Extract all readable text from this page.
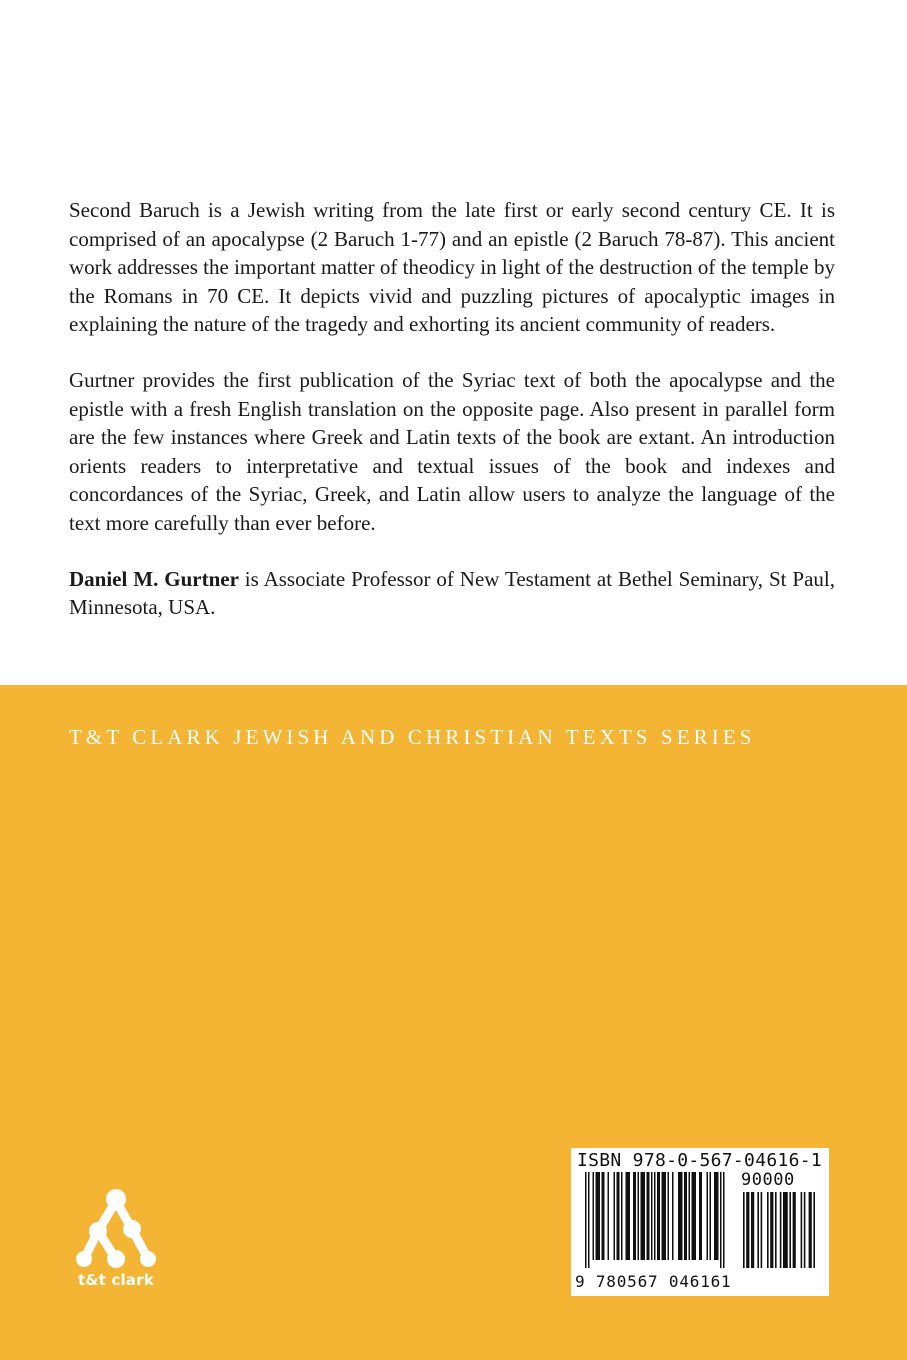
Second Baruch is a Jewish writing from the late first or early second century CE. It is comprised of an apocalypse (2 Baruch 1-77) and an epistle (2 Baruch 78-87). This ancient work addresses the important matter of theodicy in light of the destruction of the temple by the Romans in 70 CE. It depicts vivid and puzzling pictures of apocalyptic images in explaining the nature of the tragedy and exhorting its ancient community of readers.

Gurtner provides the first publication of the Syriac text of both the apocalypse and the epistle with a fresh English translation on the opposite page. Also present in parallel form are the few instances where Greek and Latin texts of the book are extant. An introduction orients readers to interpretative and textual issues of the book and indexes and concordances of the Syriac, Greek, and Latin allow users to analyze the language of the text more carefully than ever before.

Daniel M. Gurtner is Associate Professor of New Testament at Bethel Seminary, St Paul, Minnesota, USA.

T&T CLARK JEWISH AND CHRISTIAN TEXTS SERIES
t&t clark
ISBN 978-0-567-04616-1
90000
9 780567 046161
